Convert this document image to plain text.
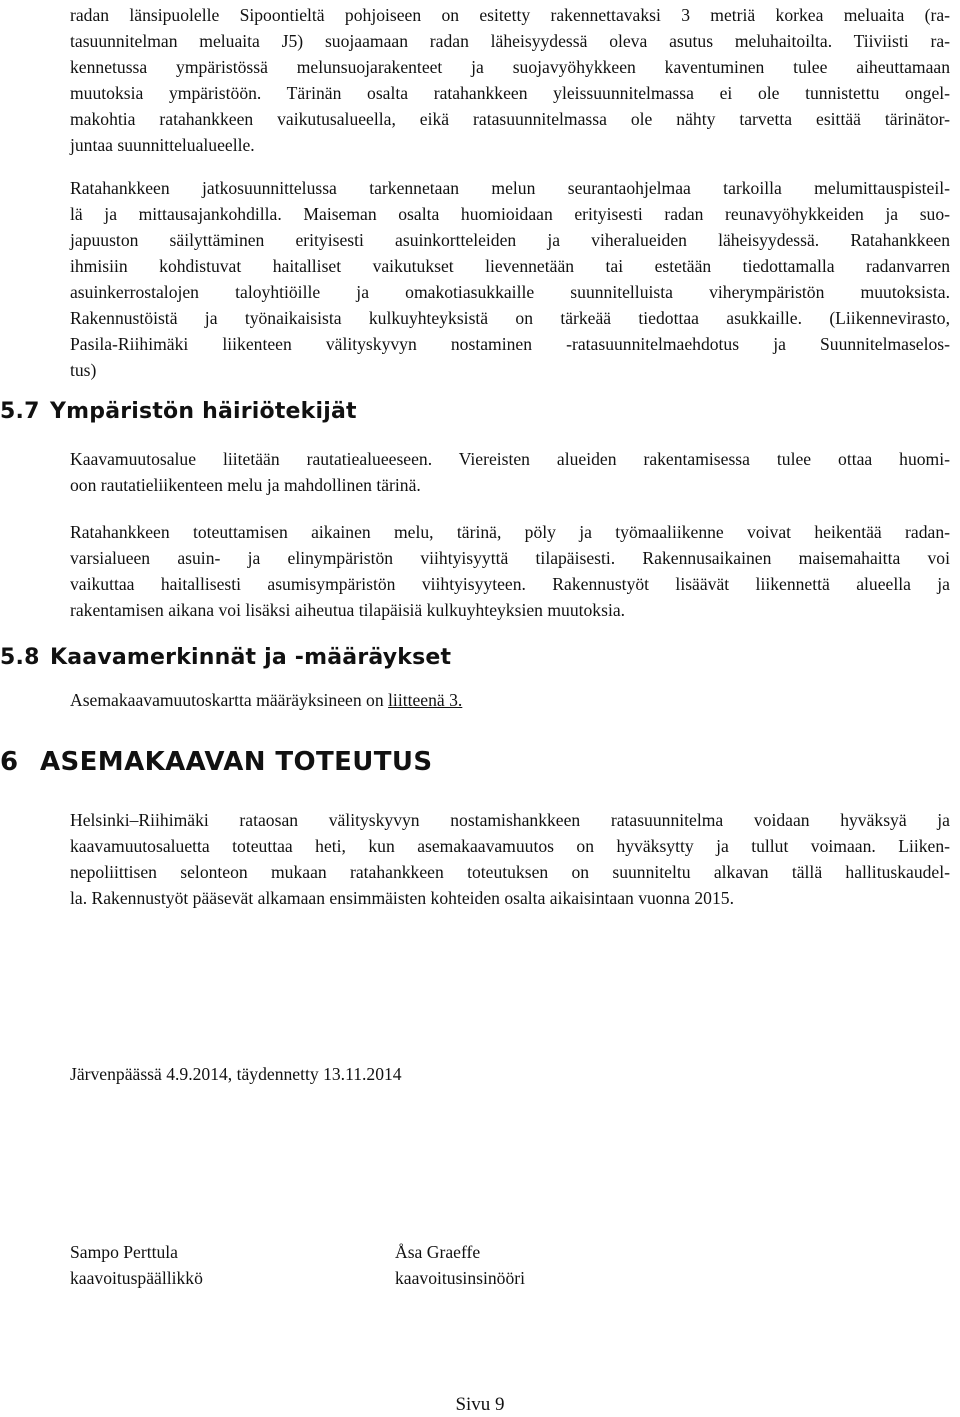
radan länsipuolelle Sipoontieltä pohjoiseen on esitetty rakennettavaksi 3 metriä korkea meluaita (ra-
tasuunnitelman meluaita J5) suojaamaan radan läheisyydessä oleva asutus meluhaitoilta. Tiiviisti ra-
kennetussa ympäristössä melunsuojarakenteet ja suojavyöhykkeen kaventuminen tulee aiheuttamaan
muutoksia ympäristöön. Tärinän osalta ratahankkeen yleissuunnitelmassa ei ole tunnistettu ongel-
makohtia ratahankkeen vaikutusalueella, eikä ratasuunnitelmassa ole nähty tarvetta esittää tärinätor-
juntaa suunnittelualueelle.
Ratahankkeen jatkosuunnittelussa tarkennetaan melun seurantaohjelmaa tarkoilla melumittauspisteil-
lä ja mittausajankohdilla. Maiseman osalta huomioidaan erityisesti radan reunavyöhykkeiden ja suo-
japuuston säilyttäminen erityisesti asuinkortteleiden ja viheralueiden läheisyydessä. Ratahankkeen
ihmisiin kohdistuvat haitalliset vaikutukset lievennetään tai estetään tiedottamalla radanvarren
asuinkerrostalojen taloyhtiöille ja omakotiasukkaille suunnitelluista viherympäristön muutoksista.
Rakennustöistä ja työnaikaisista kulkuyhteyksistä on tärkeää tiedottaa asukkaille. (Liikennevirasto,
Pasila-Riihimäki liikenteen välityskyvyn nostaminen -ratasuunnitelmaehdotus ja Suunnitelmaselos-
tus)
5.7 Ympäristön häiriötekijät
Kaavamuutosalue liitetään rautatiealueeseen. Viereisten alueiden rakentamisessa tulee ottaa huomi-
oon rautatieliikenteen melu ja mahdollinen tärinä.
Ratahankkeen toteuttamisen aikainen melu, tärinä, pöly ja työmaaliikenne voivat heikentää radan-
varsialueen asuin- ja elinympäristön viihtyisyyttä tilapäisesti. Rakennusaikainen maisemahaitta voi
vaikuttaa haitallisesti asumisympäristön viihtyisyyteen. Rakennustyöt lisäävät liikennettä alueella ja
rakentamisen aikana voi lisäksi aiheutua tilapäisiä kulkuyhteyksien muutoksia.
5.8 Kaavamerkinnät ja -määräykset
Asemakaavamuutoskartta määräyksineen on liitteenä 3.
6 ASEMAKAAVAN TOTEUTUS
Helsinki–Riihimäki rataosan välityskyvyn nostamishankkeen ratasuunnitelma voidaan hyväksyä ja
kaavamuutosaluetta toteuttaa heti, kun asemakaavamuutos on hyväksytty ja tullut voimaan. Liiken-
nepoliittisen selonteon mukaan ratahankkeen toteutuksen on suunniteltu alkavan tällä hallituskaudel-
la. Rakennustyöt pääsevät alkamaan ensimmäisten kohteiden osalta aikaisintaan vuonna 2015.
Järvenpäässä 4.9.2014, täydennetty 13.11.2014
Sampo Perttula
kaavoituspäällikkö
Åsa Graeffe
kaavoitusinsinööri
Sivu 9
